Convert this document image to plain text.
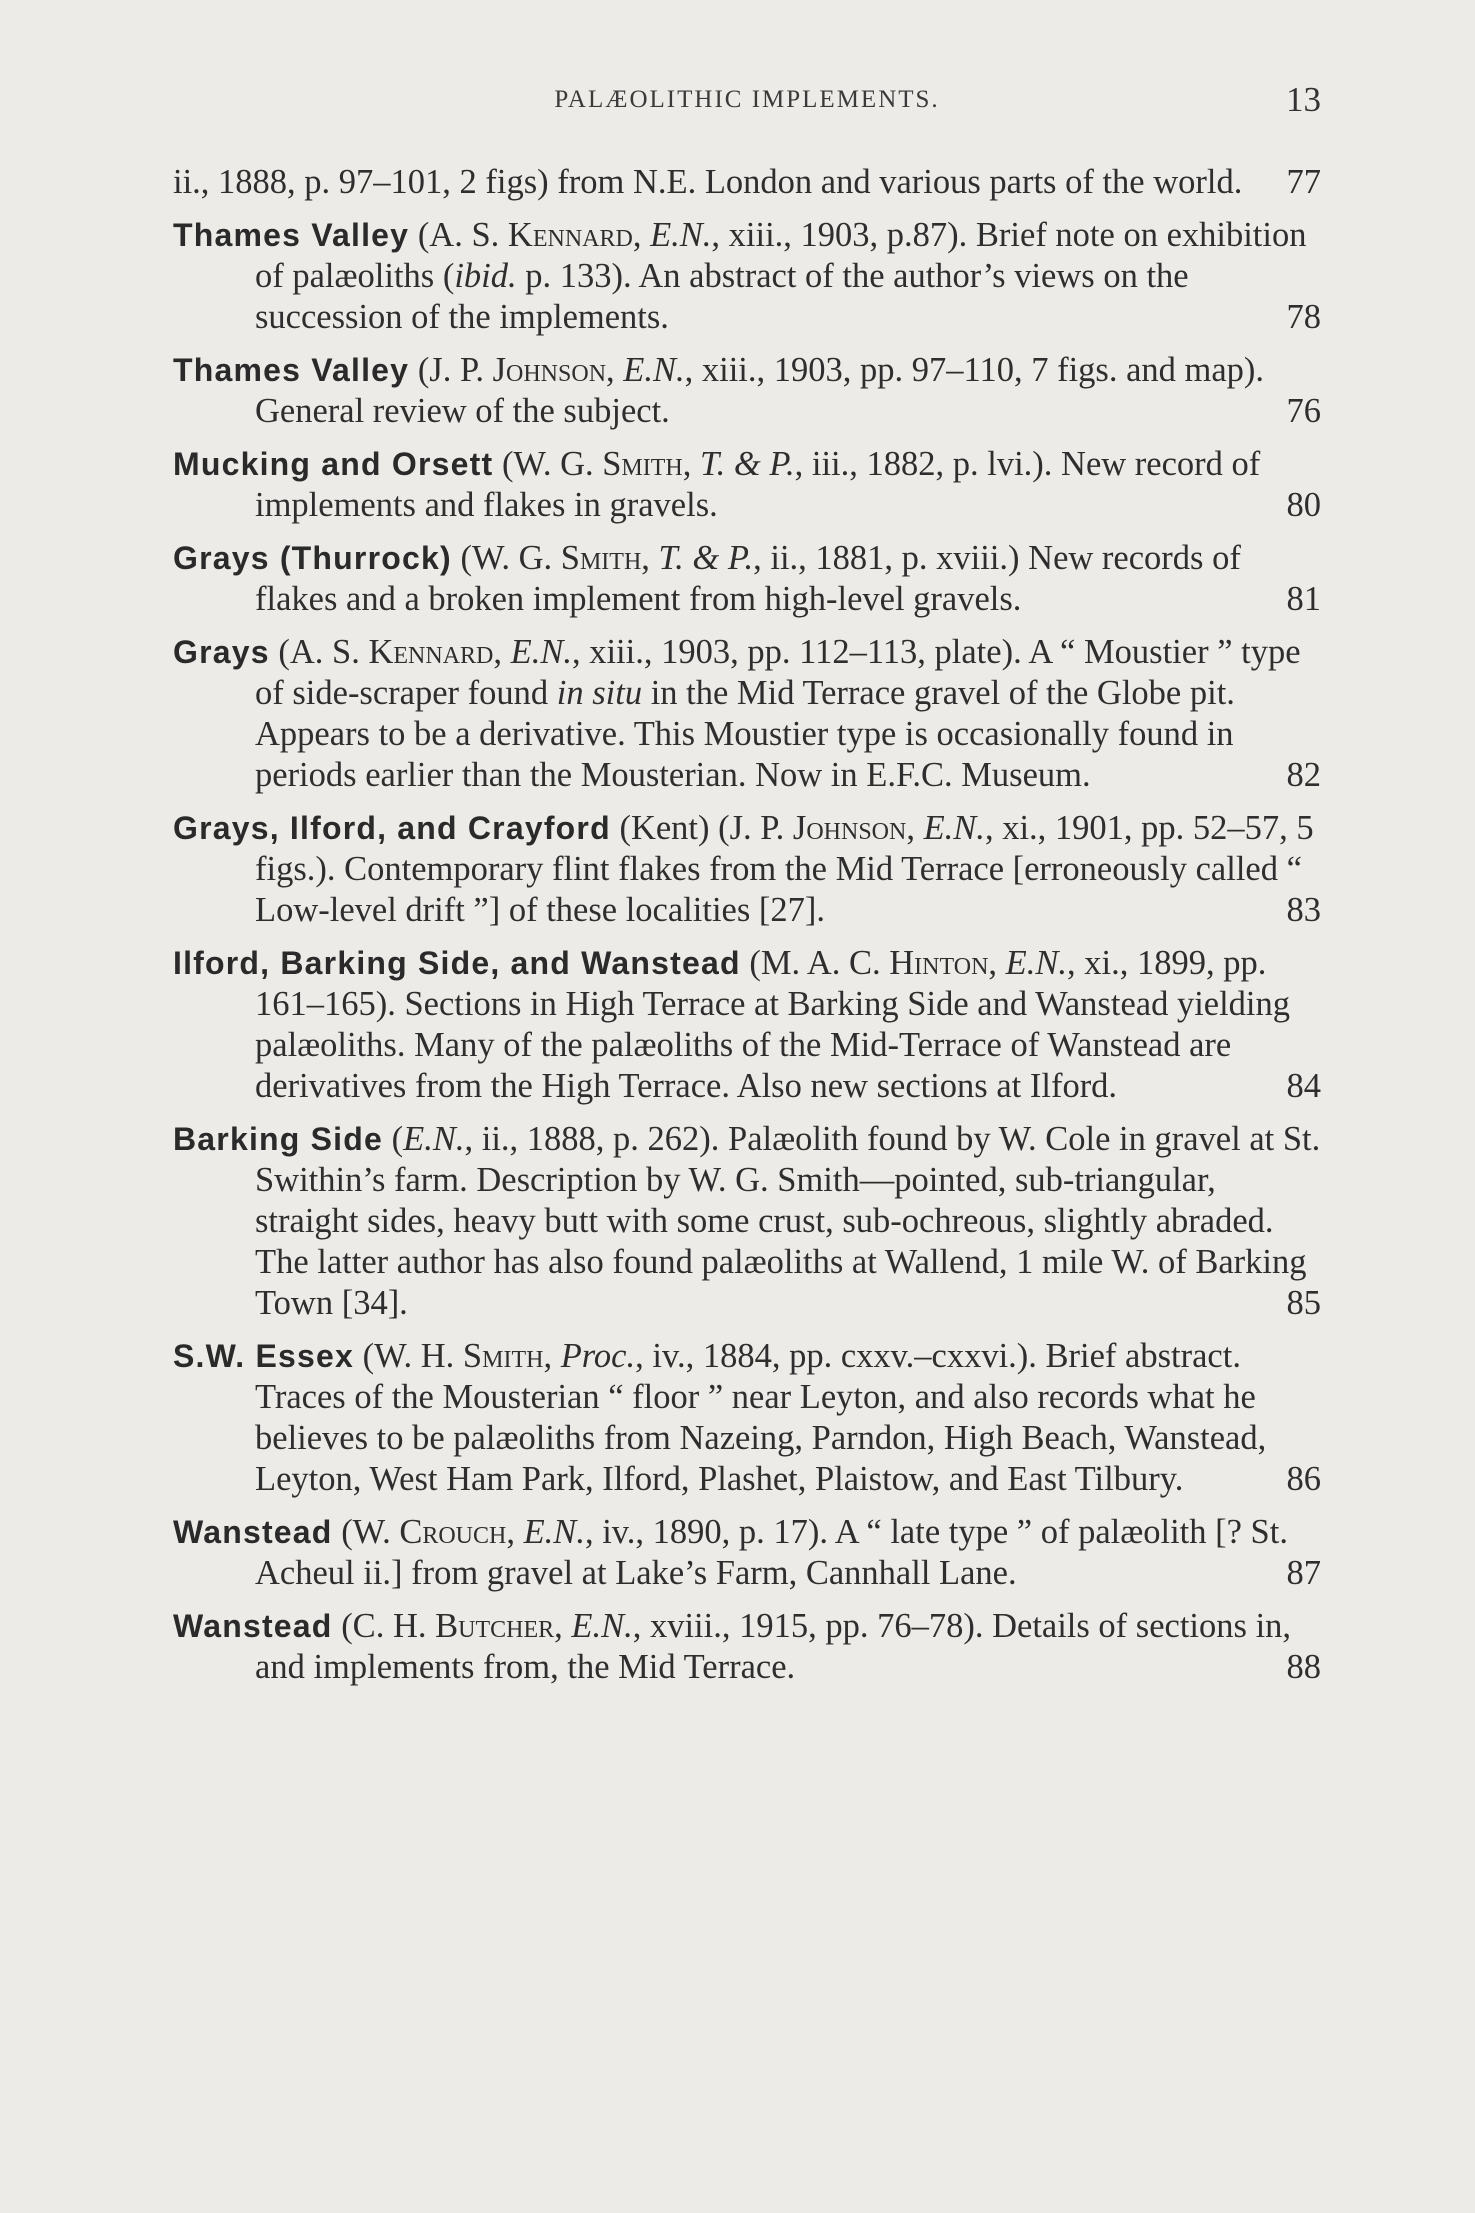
PALÆOLITHIC IMPLEMENTS.	13

ii., 1888, p. 97–101, 2 figs) from N.E. London and various parts of the world. 77

Thames Valley (A. S. Kennard, E.N., xiii., 1903, p.87). Brief note on exhibition of palæoliths (ibid. p. 133). An abstract of the author’s views on the succession of the implements.	78

Thames Valley (J. P. Johnson, E.N., xiii., 1903, pp. 97–110, 7 figs. and map). General review of the subject.	76

Mucking and Orsett (W. G. Smith, T. & P., iii., 1882, p. lvi.). New record of implements and flakes in gravels.	80

Grays (Thurrock) (W. G. Smith, T. & P., ii., 1881, p. xviii.) New records of flakes and a broken implement from high-level gravels.	81

Grays (A. S. Kennard, E.N., xiii., 1903, pp. 112–113, plate). A “ Moustier ” type of side-scraper found in situ in the Mid Terrace gravel of the Globe pit. Appears to be a derivative. This Moustier type is occasionally found in periods earlier than the Mousterian. Now in E.F.C. Museum.	82

Grays, Ilford, and Crayford (Kent) (J. P. Johnson, E.N., xi., 1901, pp. 52–57, 5 figs.). Contemporary flint flakes from the Mid Terrace [erroneously called “ Low-level drift ”] of these localities [27].	83

Ilford, Barking Side, and Wanstead (M. A. C. Hinton, E.N., xi., 1899, pp. 161–165). Sections in High Terrace at Barking Side and Wanstead yielding palæoliths. Many of the palæoliths of the Mid-Terrace of Wanstead are derivatives from the High Terrace. Also new sections at Ilford.	84

Barking Side (E.N., ii., 1888, p. 262). Palæolith found by W. Cole in gravel at St. Swithin’s farm. Description by W. G. Smith—pointed, sub-triangular, straight sides, heavy butt with some crust, sub-ochreous, slightly abraded. The latter author has also found palæoliths at Wallend, 1 mile W. of Barking Town [34].	85

S.W. Essex (W. H. Smith, Proc., iv., 1884, pp. cxxv.–cxxvi.). Brief abstract. Traces of the Mousterian “ floor ” near Leyton, and also records what he believes to be palæoliths from Nazeing, Parndon, High Beach, Wanstead, Leyton, West Ham Park, Ilford, Plashet, Plaistow, and East Tilbury.	86

Wanstead (W. Crouch, E.N., iv., 1890, p. 17). A “ late type ” of palæolith [? St. Acheul ii.] from gravel at Lake’s Farm, Cannhall Lane.	87

Wanstead (C. H. Butcher, E.N., xviii., 1915, pp. 76–78). Details of sections in, and implements from, the Mid Terrace.	88
